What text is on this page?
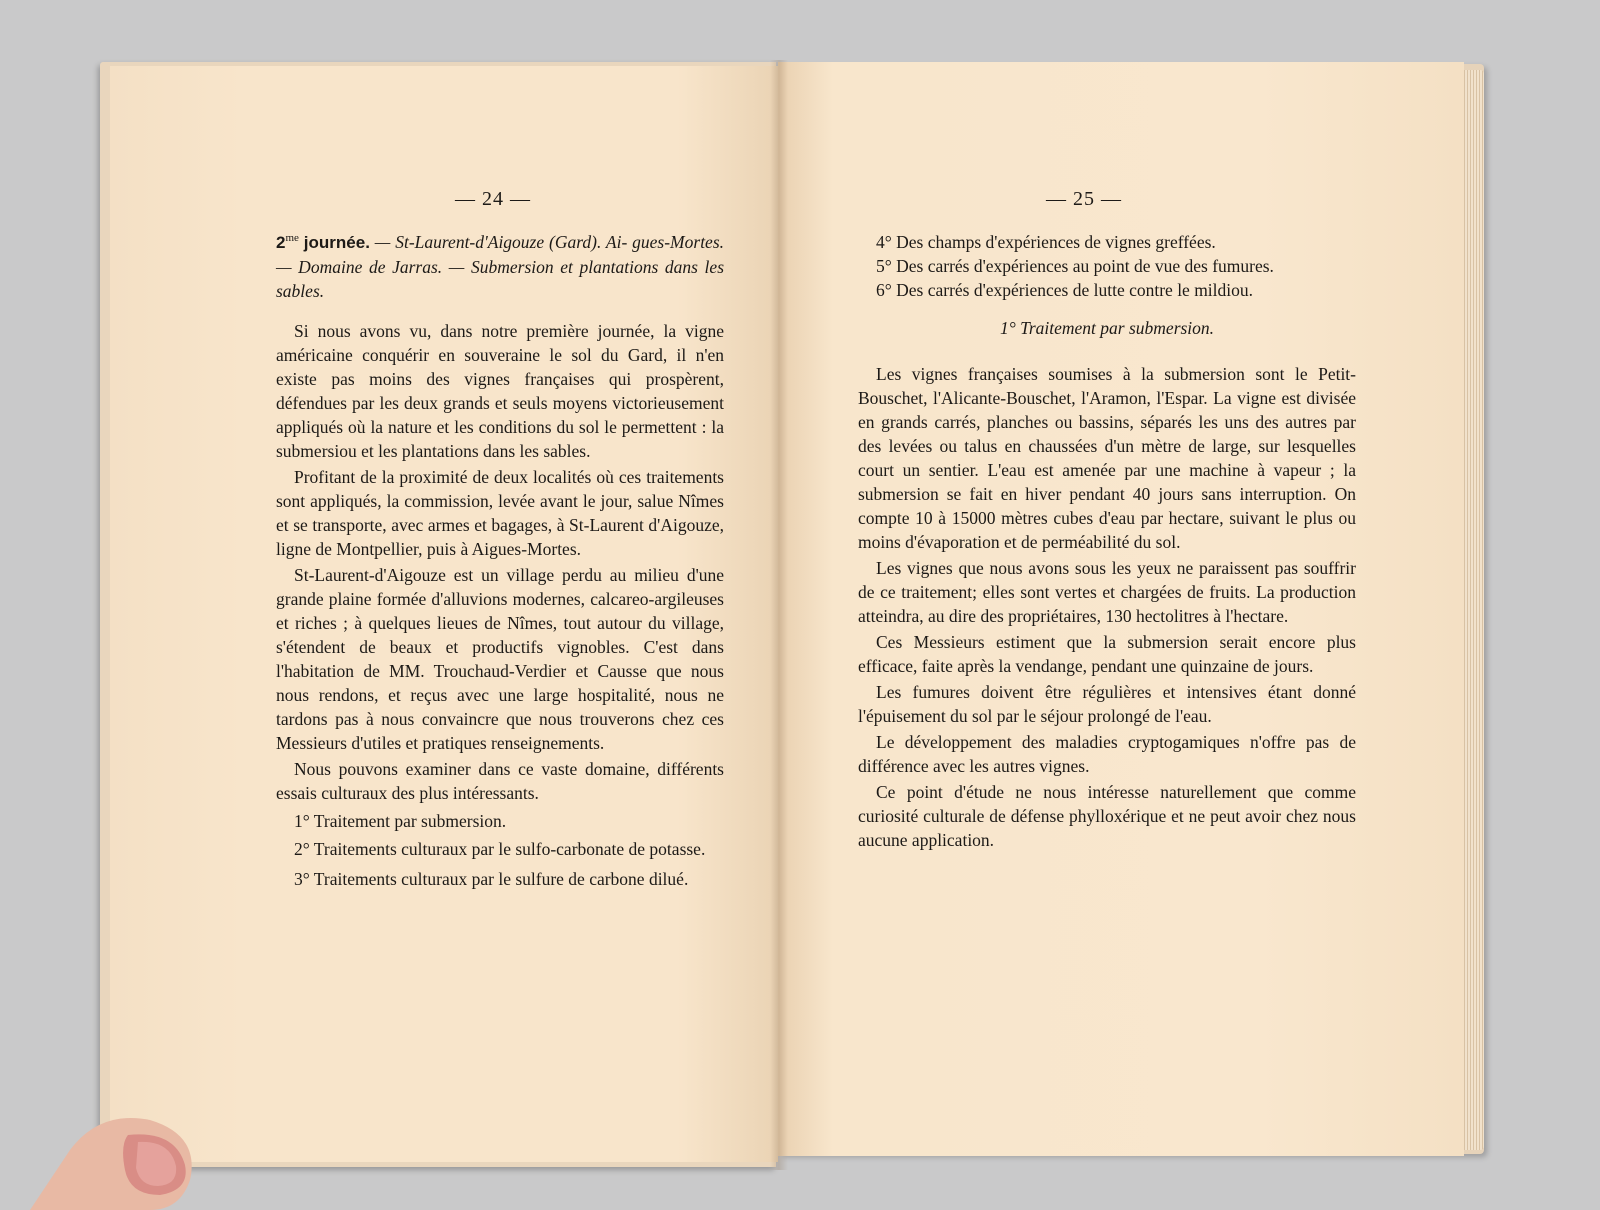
— 24 —

$2^{me}$ journée. — St-Laurent-d'Aigouze (Gard). Ai- gues-Mortes. — Domaine de Jarras. — Submersion et plantations dans les sables.

Si nous avons vu, dans notre première journée, la vigne américaine conquérir en souveraine le sol du Gard, il n'en existe pas moins des vignes françaises qui prospèrent, défendues par les deux grands et seuls moyens victorieusement appliqués où la nature et les conditions du sol le permettent : la submersiou et les plantations dans les sables.

Profitant de la proximité de deux localités où ces traitements sont appliqués, la commission, levée avant le jour, salue Nîmes et se transporte, avec armes et bagages, à St-Laurent d'Aigouze, ligne de Montpellier, puis à Aigues-Mortes.

St-Laurent-d'Aigouze est un village perdu au milieu d'une grande plaine formée d'alluvions modernes, calcareo-argileuses et riches ; à quelques lieues de Nîmes, tout autour du village, s'étendent de beaux et productifs vignobles. C'est dans l'habitation de MM. Trouchaud-Verdier et Causse que nous nous rendons, et reçus avec une large hospitalité, nous ne tardons pas à nous convaincre que nous trouverons chez ces Messieurs d'utiles et pratiques renseignements.

Nous pouvons examiner dans ce vaste domaine, différents essais culturaux des plus intéressants.

1° Traitement par submersion.

2° Traitements culturaux par le sulfo-carbonate de potasse.

3° Traitements culturaux par le sulfure de carbone dilué.

— 25 —

4° Des champs d'expériences de vignes greffées.

5° Des carrés d'expériences au point de vue des fumures.

6° Des carrés d'expériences de lutte contre le mildiou.

1° Traitement par submersion.

Les vignes françaises soumises à la submersion sont le Petit-Bouschet, l'Alicante-Bouschet, l'Aramon, l'Espar. La vigne est divisée en grands carrés, planches ou bassins, séparés les uns des autres par des levées ou talus en chaussées d'un mètre de large, sur lesquelles court un sentier. L'eau est amenée par une machine à vapeur ; la submersion se fait en hiver pendant 40 jours sans interruption. On compte 10 à 15000 mètres cubes d'eau par hectare, suivant le plus ou moins d'évaporation et de perméabilité du sol.

Les vignes que nous avons sous les yeux ne paraissent pas souffrir de ce traitement; elles sont vertes et chargées de fruits. La production atteindra, au dire des propriétaires, 130 hectolitres à l'hectare.

Ces Messieurs estiment que la submersion serait encore plus efficace, faite après la vendange, pendant une quinzaine de jours.

Les fumures doivent être régulières et intensives étant donné l'épuisement du sol par le séjour prolongé de l'eau.

Le développement des maladies cryptogamiques n'offre pas de différence avec les autres vignes.

Ce point d'étude ne nous intéresse naturellement que comme curiosité culturale de défense phylloxérique et ne peut avoir chez nous aucune application.
